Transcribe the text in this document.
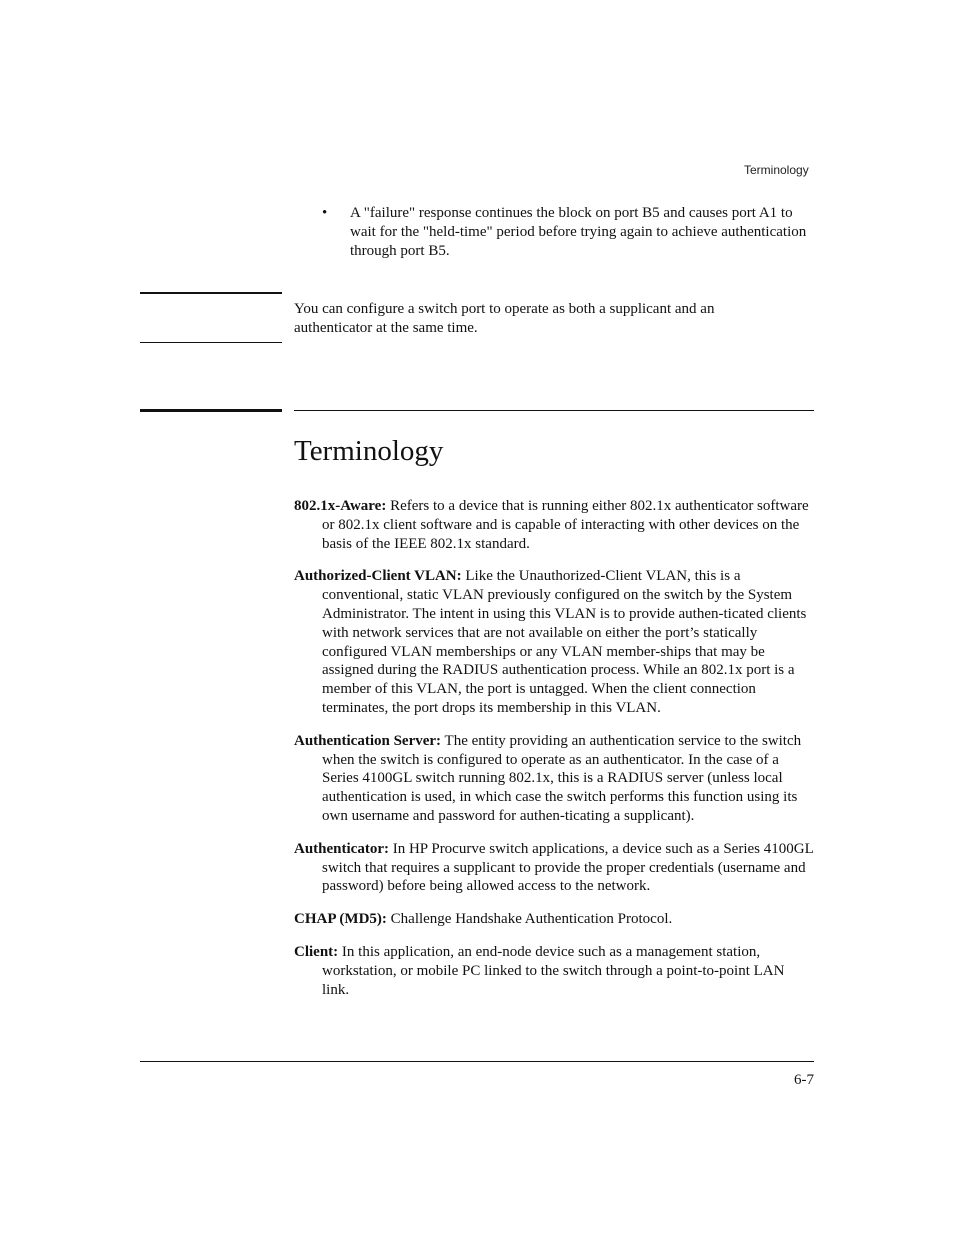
Terminology
• A "failure" response continues the block on port B5 and causes port A1 to wait for the "held-time" period before trying again to achieve authentication through port B5.
You can configure a switch port to operate as both a supplicant and an authenticator at the same time.
Terminology

802.1x-Aware: Refers to a device that is running either 802.1x authenticator software or 802.1x client software and is capable of interacting with other devices on the basis of the IEEE 802.1x standard.

Authorized-Client VLAN: Like the Unauthorized-Client VLAN, this is a conventional, static VLAN previously configured on the switch by the System Administrator. The intent in using this VLAN is to provide authen-ticated clients with network services that are not available on either the port’s statically configured VLAN memberships or any VLAN member-ships that may be assigned during the RADIUS authentication process. While an 802.1x port is a member of this VLAN, the port is untagged. When the client connection terminates, the port drops its membership in this VLAN.

Authentication Server: The entity providing an authentication service to the switch when the switch is configured to operate as an authenticator. In the case of a Series 4100GL switch running 802.1x, this is a RADIUS server (unless local authentication is used, in which case the switch performs this function using its own username and password for authen-ticating a supplicant).

Authenticator: In HP Procurve switch applications, a device such as a Series 4100GL switch that requires a supplicant to provide the proper credentials (username and password) before being allowed access to the network.

CHAP (MD5): Challenge Handshake Authentication Protocol.

Client: In this application, an end-node device such as a management station, workstation, or mobile PC linked to the switch through a point-to-point LAN link.

6-7
